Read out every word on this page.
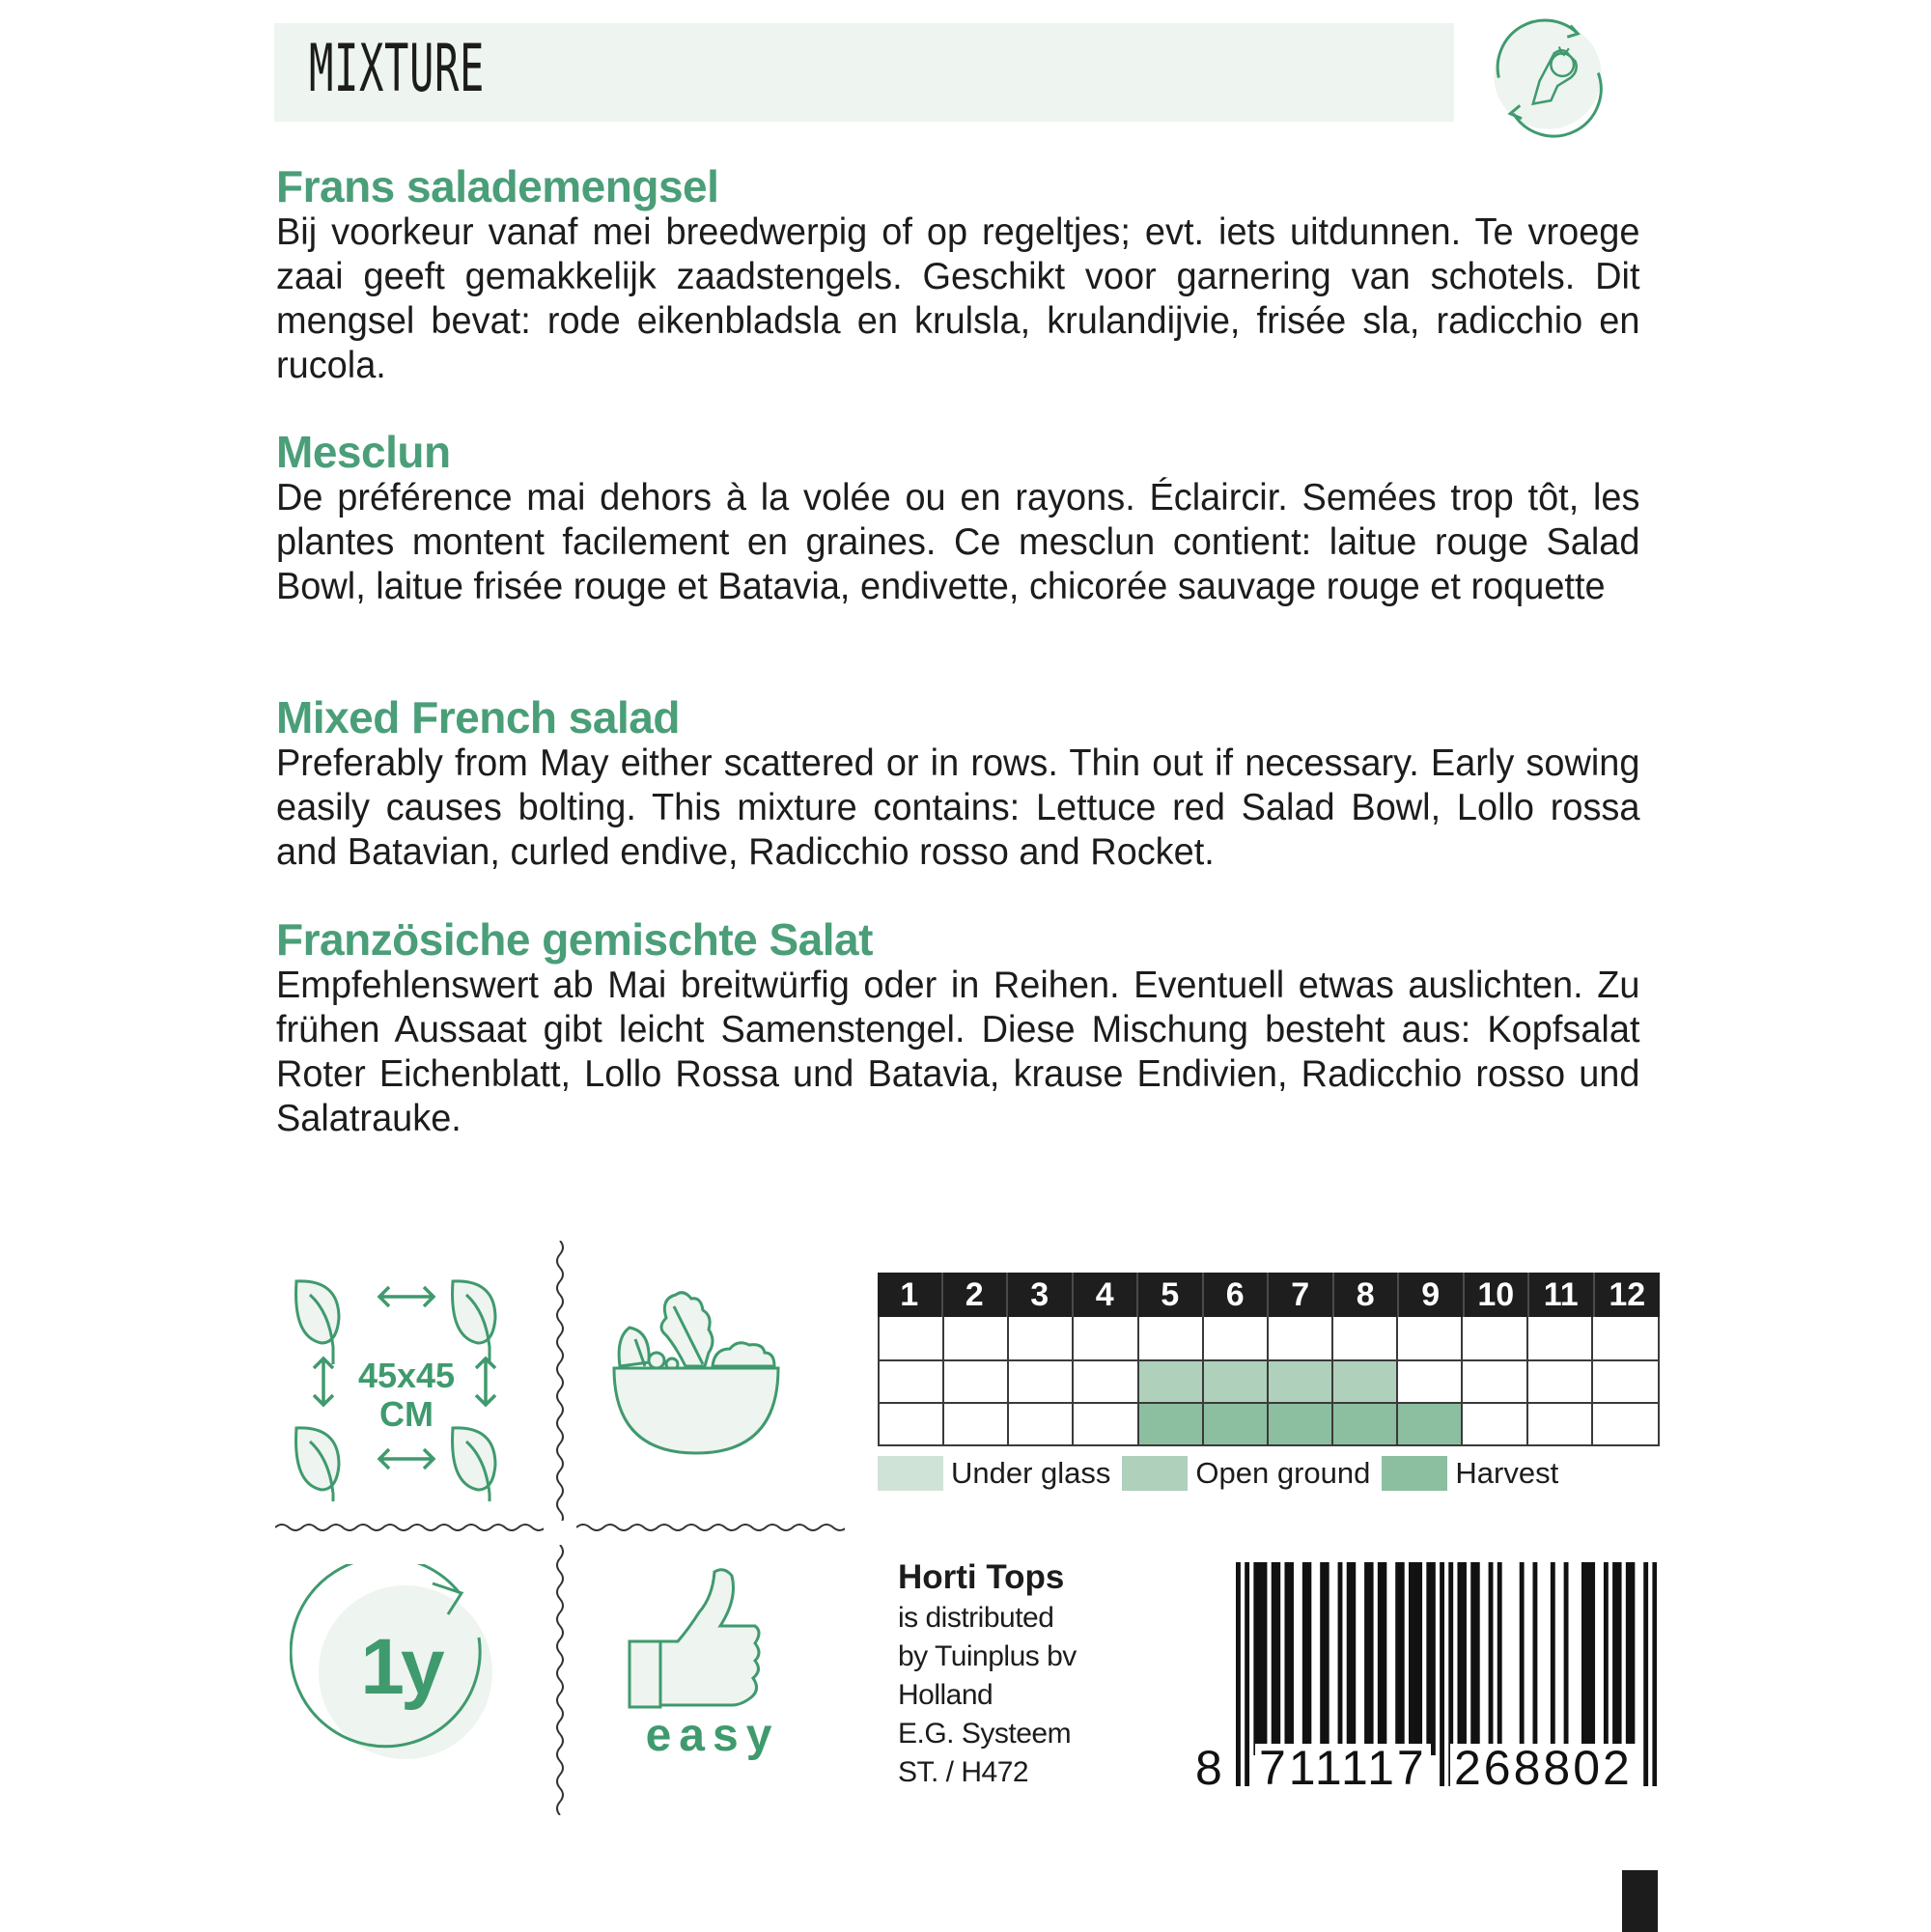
MIXTURE
Frans salademengsel

Bij voorkeur vanaf mei breedwerpig of op regeltjes; evt. iets uitdunnen. Te vroege zaai geeft gemakkelijk zaadstengels. Geschikt voor garnering van schotels. Dit mengsel bevat: rode eikenbladsla en krulsla, krulandijvie, frisée sla, radicchio en rucola.

Mesclun

De préférence mai dehors à la volée ou en rayons. Éclaircir. Semées trop tôt, les plantes montent facilement en graines. Ce mesclun contient: laitue rouge Salad Bowl, laitue frisée rouge et Batavia, endivette, chicorée sauvage rouge et roquette

Mixed French salad

Preferably from May either scattered or in rows. Thin out if necessary. Early sowing easily causes bolting. This mixture contains: Lettuce red Salad Bowl, Lollo rossa and Batavian, curled endive, Radicchio rosso and Rocket.

Französiche gemischte Salat

Empfehlenswert ab Mai breitwürfig oder in Reihen. Eventuell etwas auslichten. Zu frühen Aussaat gibt leicht Samenstengel. Diese Mischung besteht aus: Kopfsalat Roter Eichenblatt, Lollo Rossa und Batavia, krause Endivien, Radicchio rosso und Salatrauke.

45x45
CM
1y
easy
1	2	3	4	5	6	7	8	9	10 11 12
Under glass	Open ground	Harvest
Horti Tops
is distributed
by Tuinplus bv
Holland
E.G. Systeem
ST. / H472	8 711117 268802
